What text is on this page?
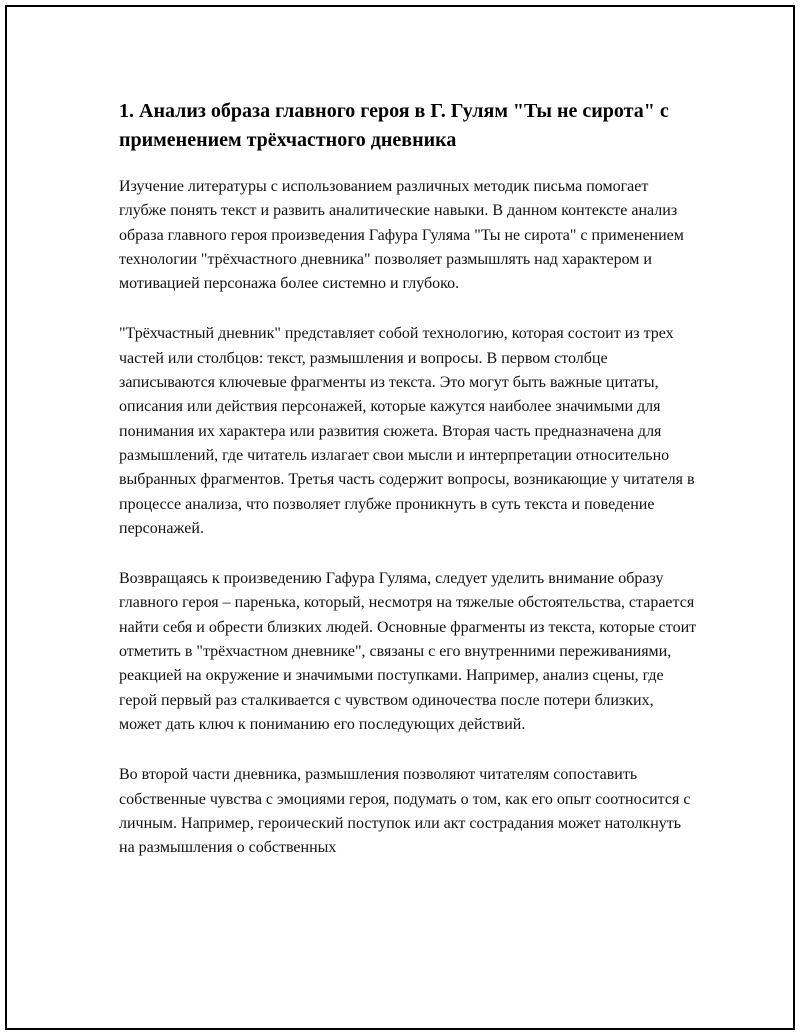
1. Анализ образа главного героя в Г. Гулям "Ты не сирота" с применением трёхчастного дневника

Изучение литературы с использованием различных методик письма помогает глубже понять текст и развить аналитические навыки. В данном контексте анализ образа главного героя произведения Гафура Гуляма "Ты не сирота" с применением технологии "трёхчастного дневника" позволяет размышлять над характером и мотивацией персонажа более системно и глубоко.

"Трёхчастный дневник" представляет собой технологию, которая состоит из трех частей или столбцов: текст, размышления и вопросы. В первом столбце записываются ключевые фрагменты из текста. Это могут быть важные цитаты, описания или действия персонажей, которые кажутся наиболее значимыми для понимания их характера или развития сюжета. Вторая часть предназначена для размышлений, где читатель излагает свои мысли и интерпретации относительно выбранных фрагментов. Третья часть содержит вопросы, возникающие у читателя в процессе анализа, что позволяет глубже проникнуть в суть текста и поведение персонажей.

Возвращаясь к произведению Гафура Гуляма, следует уделить внимание образу главного героя – паренька, который, несмотря на тяжелые обстоятельства, старается найти себя и обрести близких людей. Основные фрагменты из текста, которые стоит отметить в "трёхчастном дневнике", связаны с его внутренними переживаниями, реакцией на окружение и значимыми поступками. Например, анализ сцены, где герой первый раз сталкивается с чувством одиночества после потери близких, может дать ключ к пониманию его последующих действий.

Во второй части дневника, размышления позволяют читателям сопоставить собственные чувства с эмоциями героя, подумать о том, как его опыт соотносится с личным. Например, героический поступок или акт сострадания может натолкнуть на размышления о собственных
